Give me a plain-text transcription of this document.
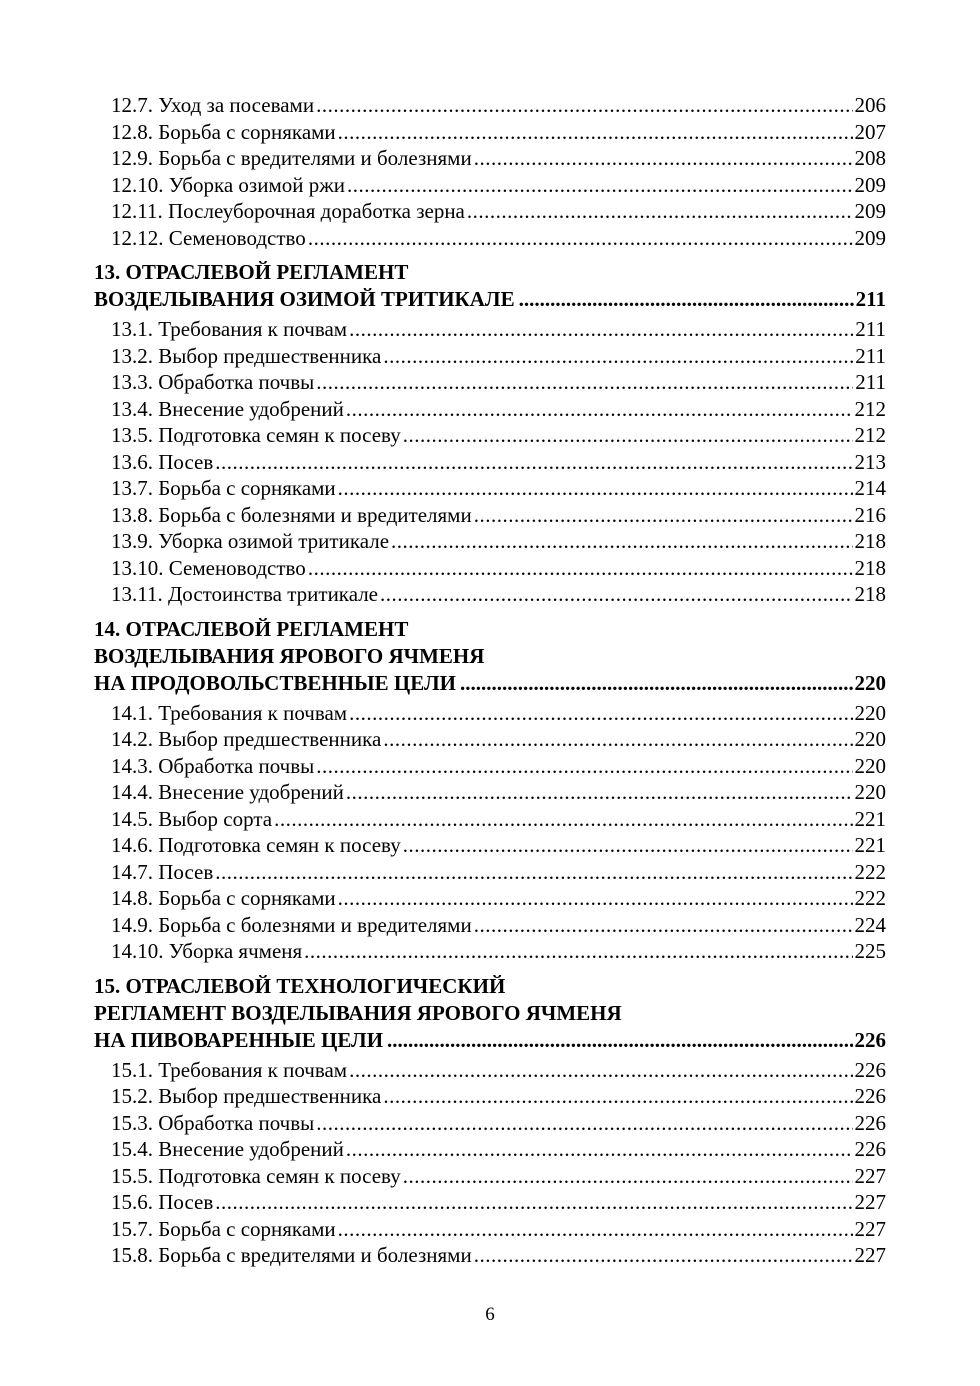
12.7. Уход за посевами .....	206
12.8. Борьба с сорняками .....	207
12.9. Борьба с вредителями и болезнями .....	208
12.10. Уборка озимой ржи .....	209
12.11. Послеуборочная доработка зерна .....	209
12.12. Семеноводство .....	209
13. ОТРАСЛЕВОЙ РЕГЛАМЕНТ
ВОЗДЕЛЫВАНИЯ ОЗИМОЙ ТРИТИКАЛЕ .....	211
13.1. Требования к почвам .....	211
13.2. Выбор предшественника .....	211
13.3. Обработка почвы .....	211
13.4. Внесение удобрений .....	212
13.5. Подготовка семян к посеву .....	212
13.6. Посев .....	213
13.7. Борьба с сорняками .....	214
13.8. Борьба с болезнями и вредителями .....	216
13.9. Уборка озимой тритикале .....	218
13.10. Семеноводство .....	218
13.11. Достоинства тритикале .....	218
14. ОТРАСЛЕВОЙ РЕГЛАМЕНТ
ВОЗДЕЛЫВАНИЯ ЯРОВОГО ЯЧМЕНЯ
НА ПРОДОВОЛЬСТВЕННЫЕ ЦЕЛИ .....	220
14.1. Требования к почвам .....	220
14.2. Выбор предшественника .....	220
14.3. Обработка почвы .....	220
14.4. Внесение удобрений .....	220
14.5. Выбор сорта .....	221
14.6. Подготовка семян к посеву .....	221
14.7. Посев .....	222
14.8. Борьба с сорняками .....	222
14.9. Борьба с болезнями и вредителями .....	224
14.10. Уборка ячменя .....	225
15. ОТРАСЛЕВОЙ ТЕХНОЛОГИЧЕСКИЙ
РЕГЛАМЕНТ ВОЗДЕЛЫВАНИЯ ЯРОВОГО ЯЧМЕНЯ
НА ПИВОВАРЕННЫЕ ЦЕЛИ .....	226
15.1. Требования к почвам .....	226
15.2. Выбор предшественника .....	226
15.3. Обработка почвы .....	226
15.4. Внесение удобрений .....	226
15.5. Подготовка семян к посеву .....	227
15.6. Посев .....	227
15.7. Борьба с сорняками .....	227
15.8. Борьба с вредителями и болезнями .....	227
6
